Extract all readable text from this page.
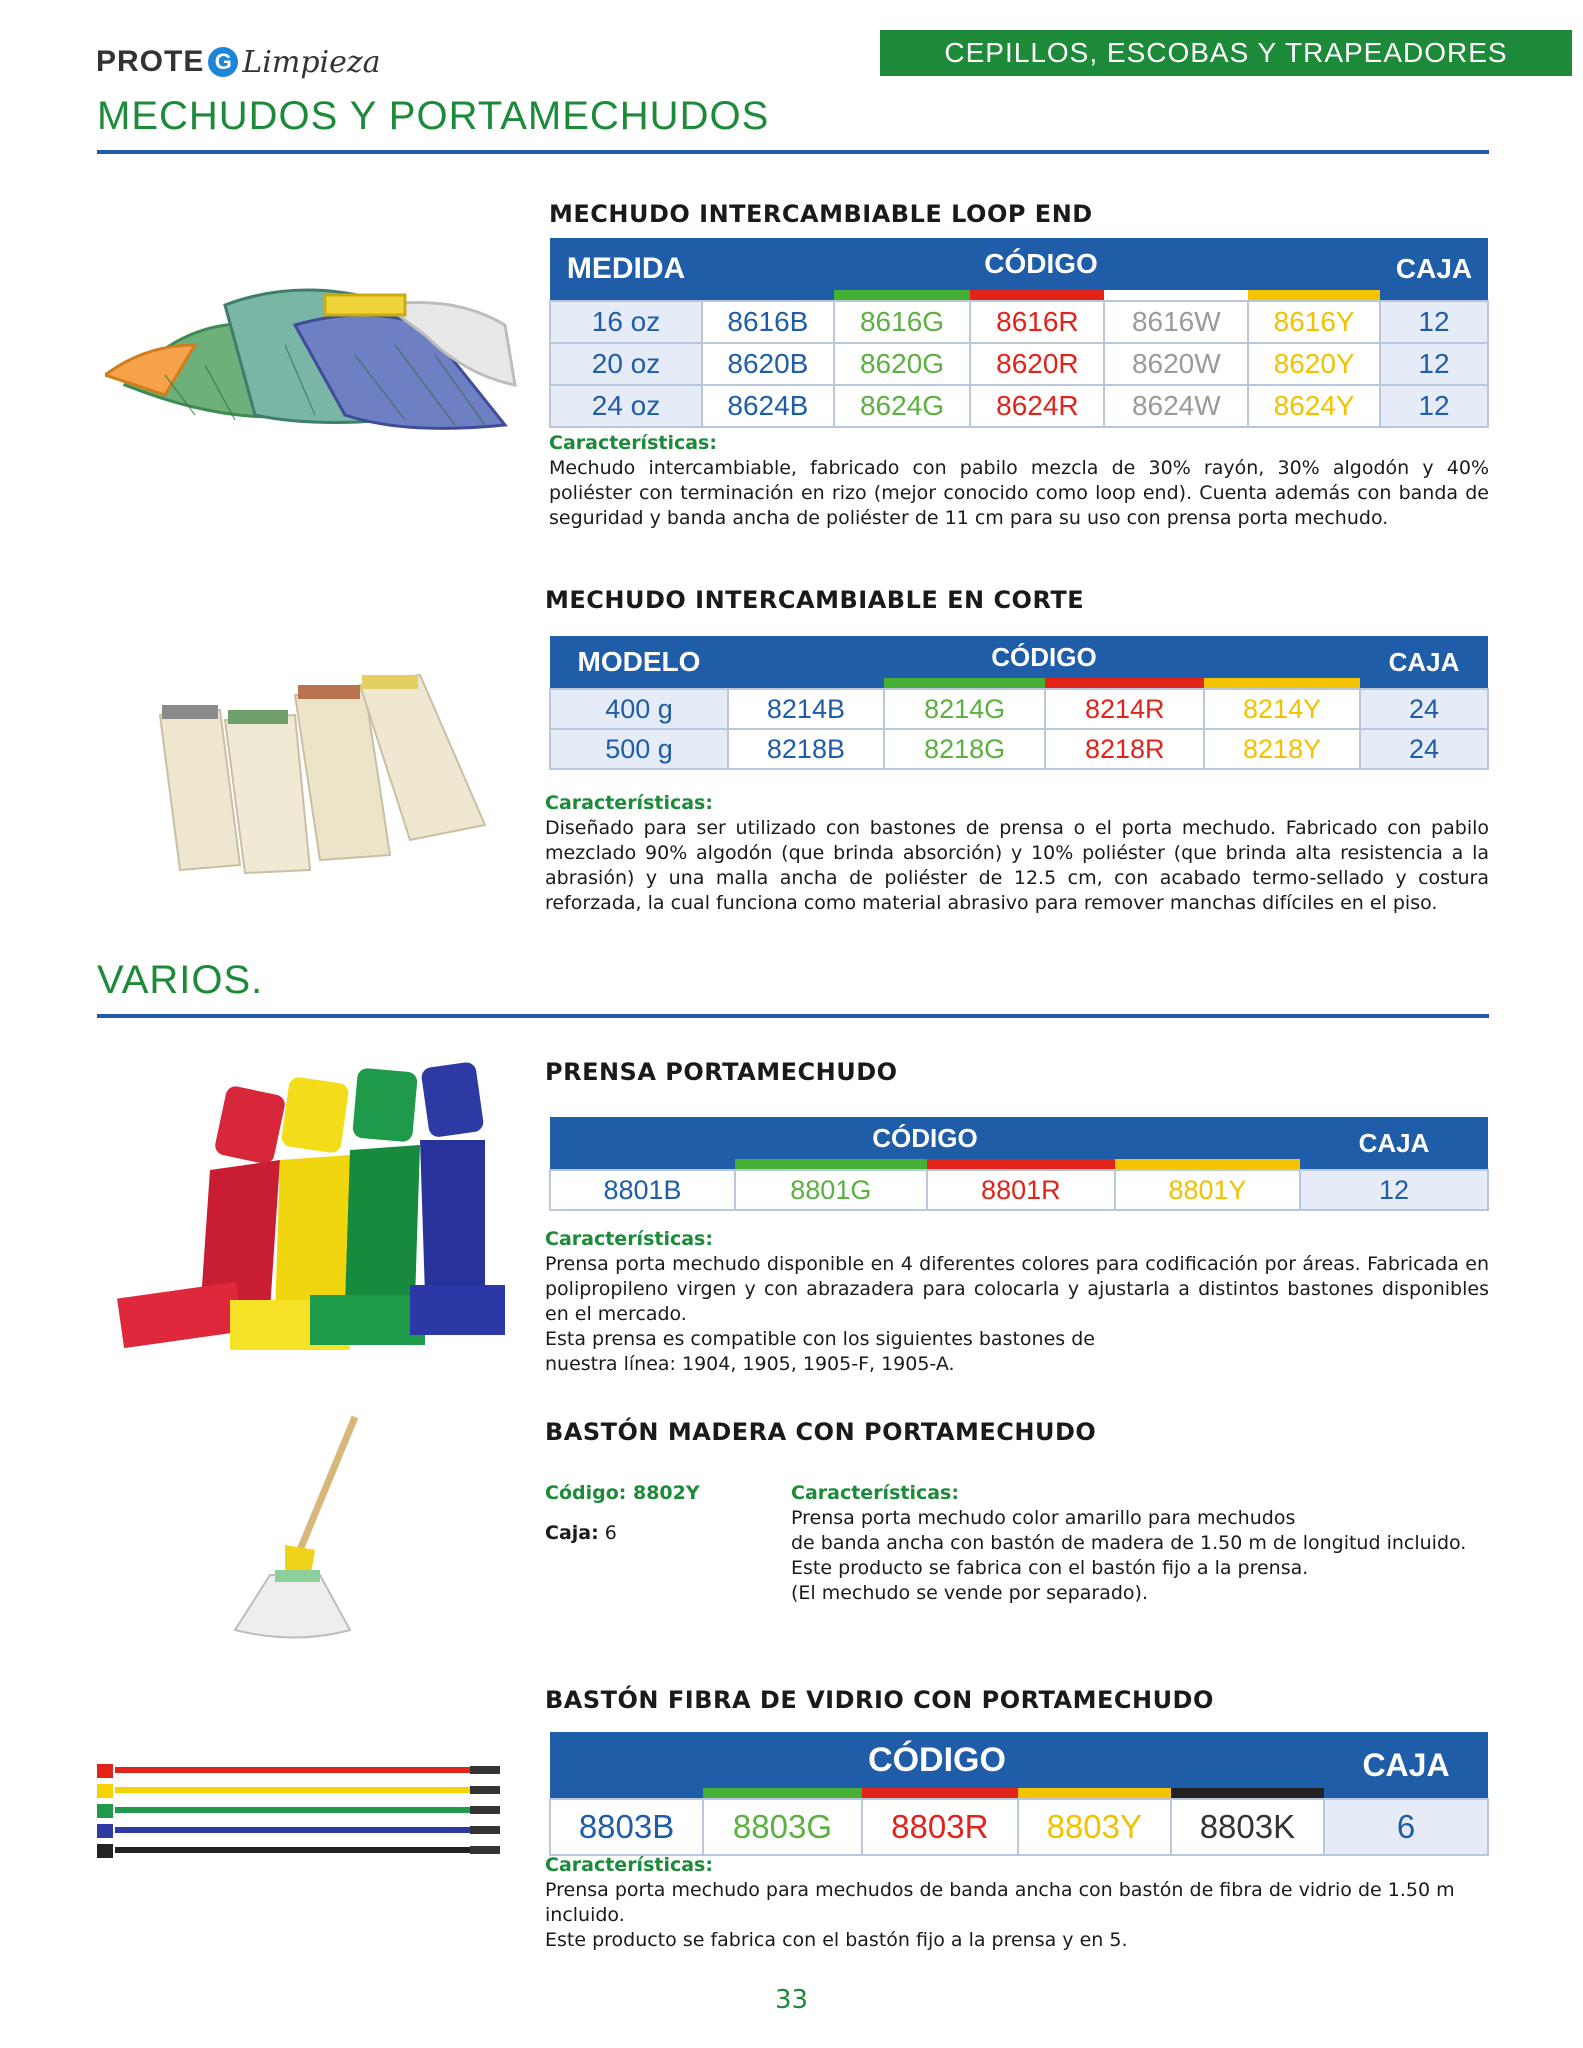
PROTE G Limpieza	CEPILLOS, ESCOBAS Y TRAPEADORES
MECHUDOS Y PORTAMECHUDOS
MECHUDO INTERCAMBIABLE LOOP END
MEDIDA	CÓDIGO					CAJA

16 oz	8616B	8616G	8616R	8616W	8616Y	12
20 oz	8620B	8620G	8620R	8620W	8620Y	12
24 oz	8624B	8624G	8624R	8624W	8624Y	12
Características:
Mechudo intercambiable, fabricado con pabilo mezcla de 30% rayón, 30% algodón y 40% poliéster con terminación en rizo (mejor conocido como loop end). Cuenta además con banda de seguridad y banda ancha de poliéster de 11 cm para su uso con prensa porta mechudo.
MECHUDO INTERCAMBIABLE EN CORTE
MODELO	CÓDIGO				CAJA

400 g	8214B	8214G	8214R	8214Y	24
500 g	8218B	8218G	8218R	8218Y	24
Características:
Diseñado para ser utilizado con bastones de prensa o el porta mechudo. Fabricado con pabilo mezclado 90% algodón (que brinda absorción) y 10% poliéster (que brinda alta resistencia a la abrasión) y una malla ancha de poliéster de 12.5 cm, con acabado termo-sellado y costura reforzada, la cual funciona como material abrasivo para remover manchas difíciles en el piso.
VARIOS.
PRENSA PORTAMECHUDO
CÓDIGO				CAJA

8801B	8801G	8801R	8801Y	12
Características:
Prensa porta mechudo disponible en 4 diferentes colores para codificación por áreas. Fabricada en polipropileno virgen y con abrazadera para colocarla y ajustarla a distintos bastones disponibles en el mercado.
Esta prensa es compatible con los siguientes bastones de
nuestra línea: 1904, 1905, 1905-F, 1905-A.
BASTÓN MADERA CON PORTAMECHUDO
Código: 8802Y
Caja: 6
Características:
Prensa porta mechudo color amarillo para mechudos
de banda ancha con bastón de madera de 1.50 m de longitud incluido.
Este producto se fabrica con el bastón fijo a la prensa.
(El mechudo se vende por separado).
BASTÓN FIBRA DE VIDRIO CON PORTAMECHUDO
CÓDIGO					CAJA

8803B	8803G	8803R	8803Y	8803K	6
Características:
Prensa porta mechudo para mechudos de banda ancha con bastón de fibra de vidrio de 1.50 m incluido.
Este producto se fabrica con el bastón fijo a la prensa y en 5.
33
